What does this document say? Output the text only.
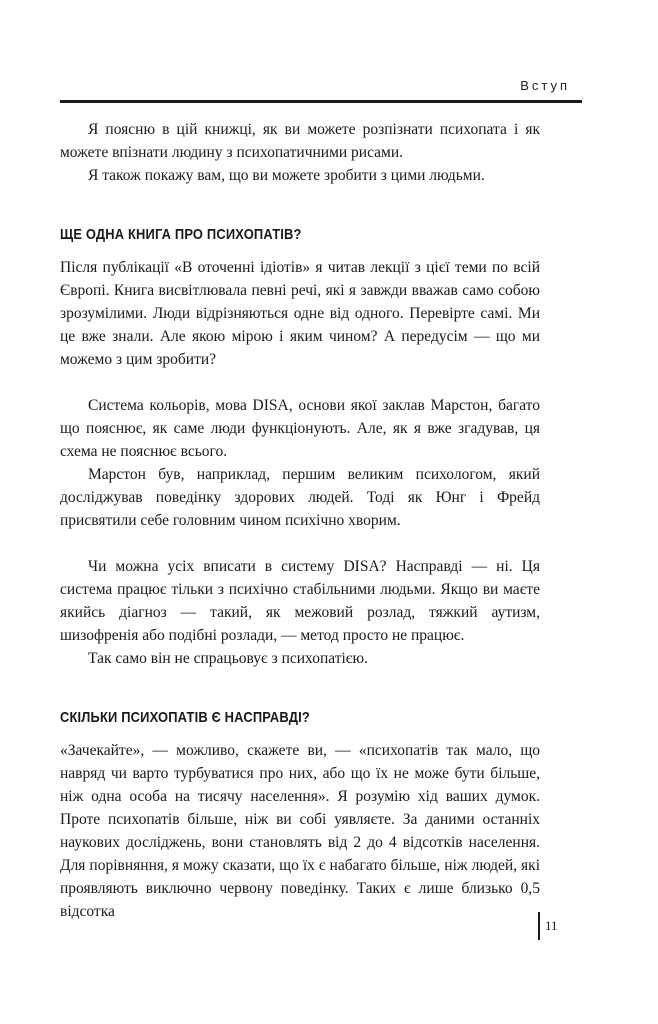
Вступ

Я поясню в цій книжці, як ви можете розпізнати психопата і як можете впізнати людину з психопатичними рисами.

Я також покажу вам, що ви можете зробити з цими людьми.

ЩЕ ОДНА КНИГА ПРО ПСИХОПАТІВ?

Після публікації «В оточенні ідіотів» я читав лекції з цієї теми по всій Європі. Книга висвітлювала певні речі, які я завжди вважав само собою зрозумілими. Люди відрізняються одне від одного. Перевірте самі. Ми це вже знали. Але якою мірою і яким чином? А передусім — що ми можемо з цим зробити?

Система кольорів, мова DISA, основи якої заклав Марстон, багато що пояснює, як саме люди функціонують. Але, як я вже згадував, ця схема не пояснює всього.

Марстон був, наприклад, першим великим психологом, який досліджував поведінку здорових людей. Тоді як Юнг і Фрейд присвятили себе головним чином психічно хворим.

Чи можна усіх вписати в систему DISA? Насправді — ні. Ця система працює тільки з психічно стабільними людьми. Якщо ви маєте якийсь діагноз — такий, як межовий розлад, тяжкий аутизм, шизофренія або подібні розлади, — метод просто не працює.

Так само він не спрацьовує з психопатією.

СКІЛЬКИ ПСИХОПАТІВ Є НАСПРАВДІ?

«Зачекайте», — можливо, скажете ви, — «психопатів так мало, що навряд чи варто турбуватися про них, або що їх не може бути більше, ніж одна особа на тисячу населення». Я розумію хід ваших думок. Проте психопатів більше, ніж ви собі уявляєте. За даними останніх наукових досліджень, вони становлять від 2 до 4 відсотків населення. Для порівняння, я можу сказати, що їх є набагато більше, ніж людей, які проявляють виключно червону поведінку. Таких є лише близько 0,5 відсотка

11
